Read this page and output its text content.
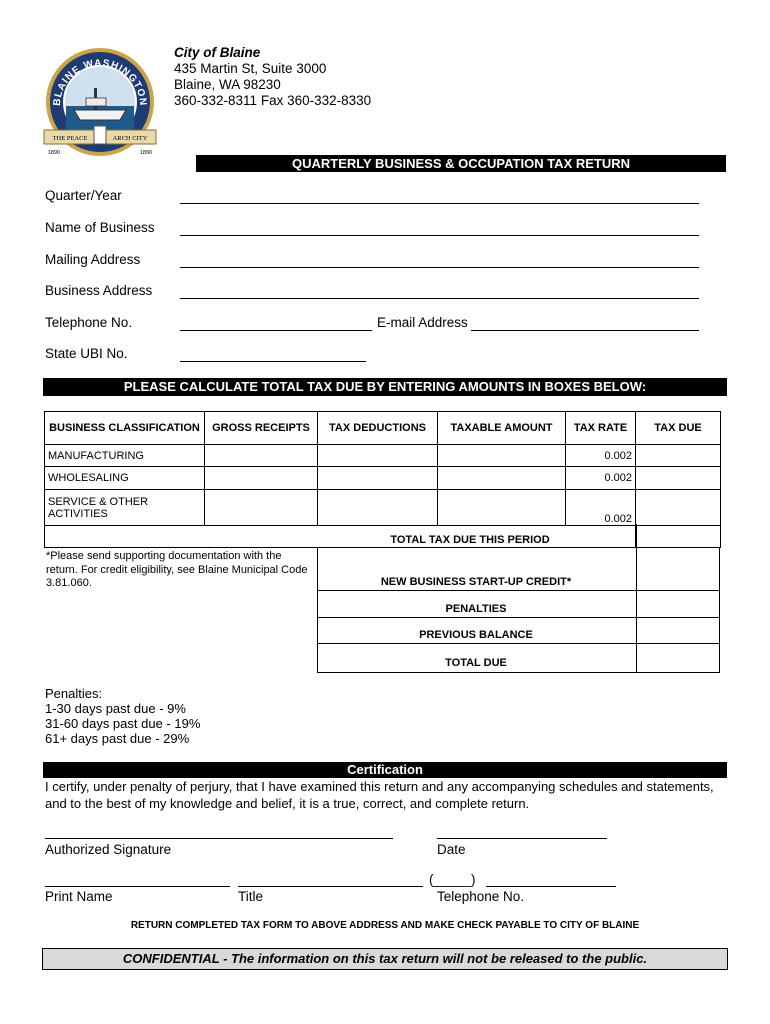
BLAINE WASHINGTON
THE PEACE	ARCH CITY
1890	1890
City of Blaine
435 Martin St, Suite 3000
Blaine, WA 98230
360-332-8311 Fax 360-332-8330
QUARTERLY BUSINESS & OCCUPATION TAX RETURN
Quarter/Year
Name of Business
Mailing Address
Business Address
Telephone No.	E-mail Address
State UBI No.
PLEASE CALCULATE TOTAL TAX DUE BY ENTERING AMOUNTS IN BOXES BELOW:
BUSINESS CLASSIFICATION	GROSS RECEIPTS	TAX DEDUCTIONS	TAXABLE AMOUNT	TAX RATE	TAX DUE
MANUFACTURING				0.002	
WHOLESALING				0.002	
SERVICE & OTHER ACTIVITIES				0.002	
TOTAL TAX DUE THIS PERIOD
NEW BUSINESS START-UP CREDIT*
PENALTIES
PREVIOUS BALANCE
TOTAL DUE
*Please send supporting documentation with the return. For credit eligibility, see Blaine Municipal Code 3.81.060.
Penalties:
1-30 days past due - 9%
31-60 days past due - 19%
61+ days past due - 29%
Certification
I certify, under penalty of perjury, that I have examined this return and any accompanying schedules and statements, and to the best of my knowledge and belief, it is a true, correct, and complete return.
Authorized Signature	Date
Print Name	Title
(_____)
Telephone No.
RETURN COMPLETED TAX FORM TO ABOVE ADDRESS AND MAKE CHECK PAYABLE TO CITY OF BLAINE
CONFIDENTIAL - The information on this tax return will not be released to the public.
